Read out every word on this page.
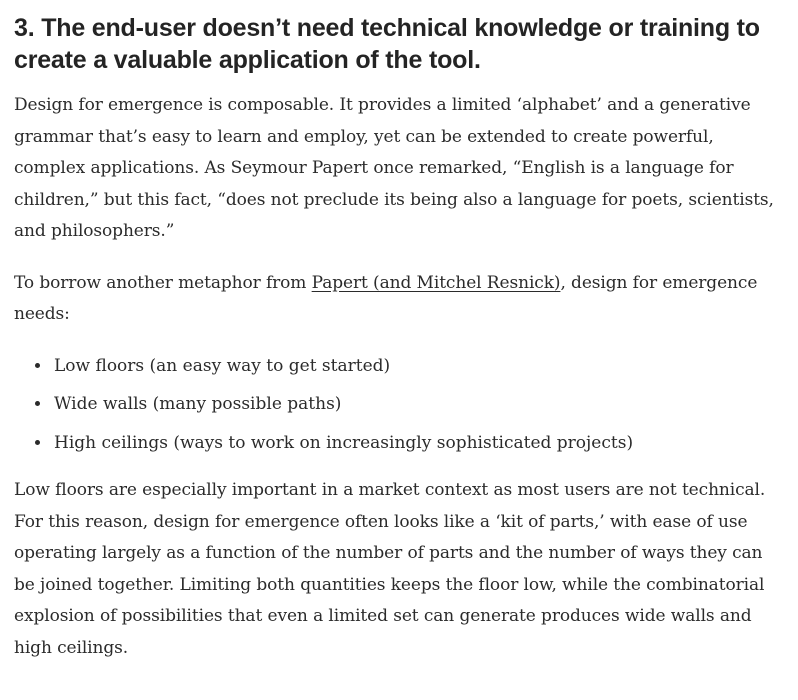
3. The end-user doesn’t need technical knowledge or training to create a valuable application of the tool.

Design for emergence is composable. It provides a limited ‘alphabet’ and a generative grammar that’s easy to learn and employ, yet can be extended to create powerful, complex applications. As Seymour Papert once remarked, “English is a language for children,” but this fact, “does not preclude its being also a language for poets, scientists, and philosophers.”

To borrow another metaphor from Papert (and Mitchel Resnick), design for emergence needs:

• Low floors (an easy way to get started)
• Wide walls (many possible paths)
• High ceilings (ways to work on increasingly sophisticated projects)

Low floors are especially important in a market context as most users are not technical. For this reason, design for emergence often looks like a ‘kit of parts,’ with ease of use operating largely as a function of the number of parts and the number of ways they can be joined together. Limiting both quantities keeps the floor low, while the combinatorial explosion of possibilities that even a limited set can generate produces wide walls and high ceilings.
